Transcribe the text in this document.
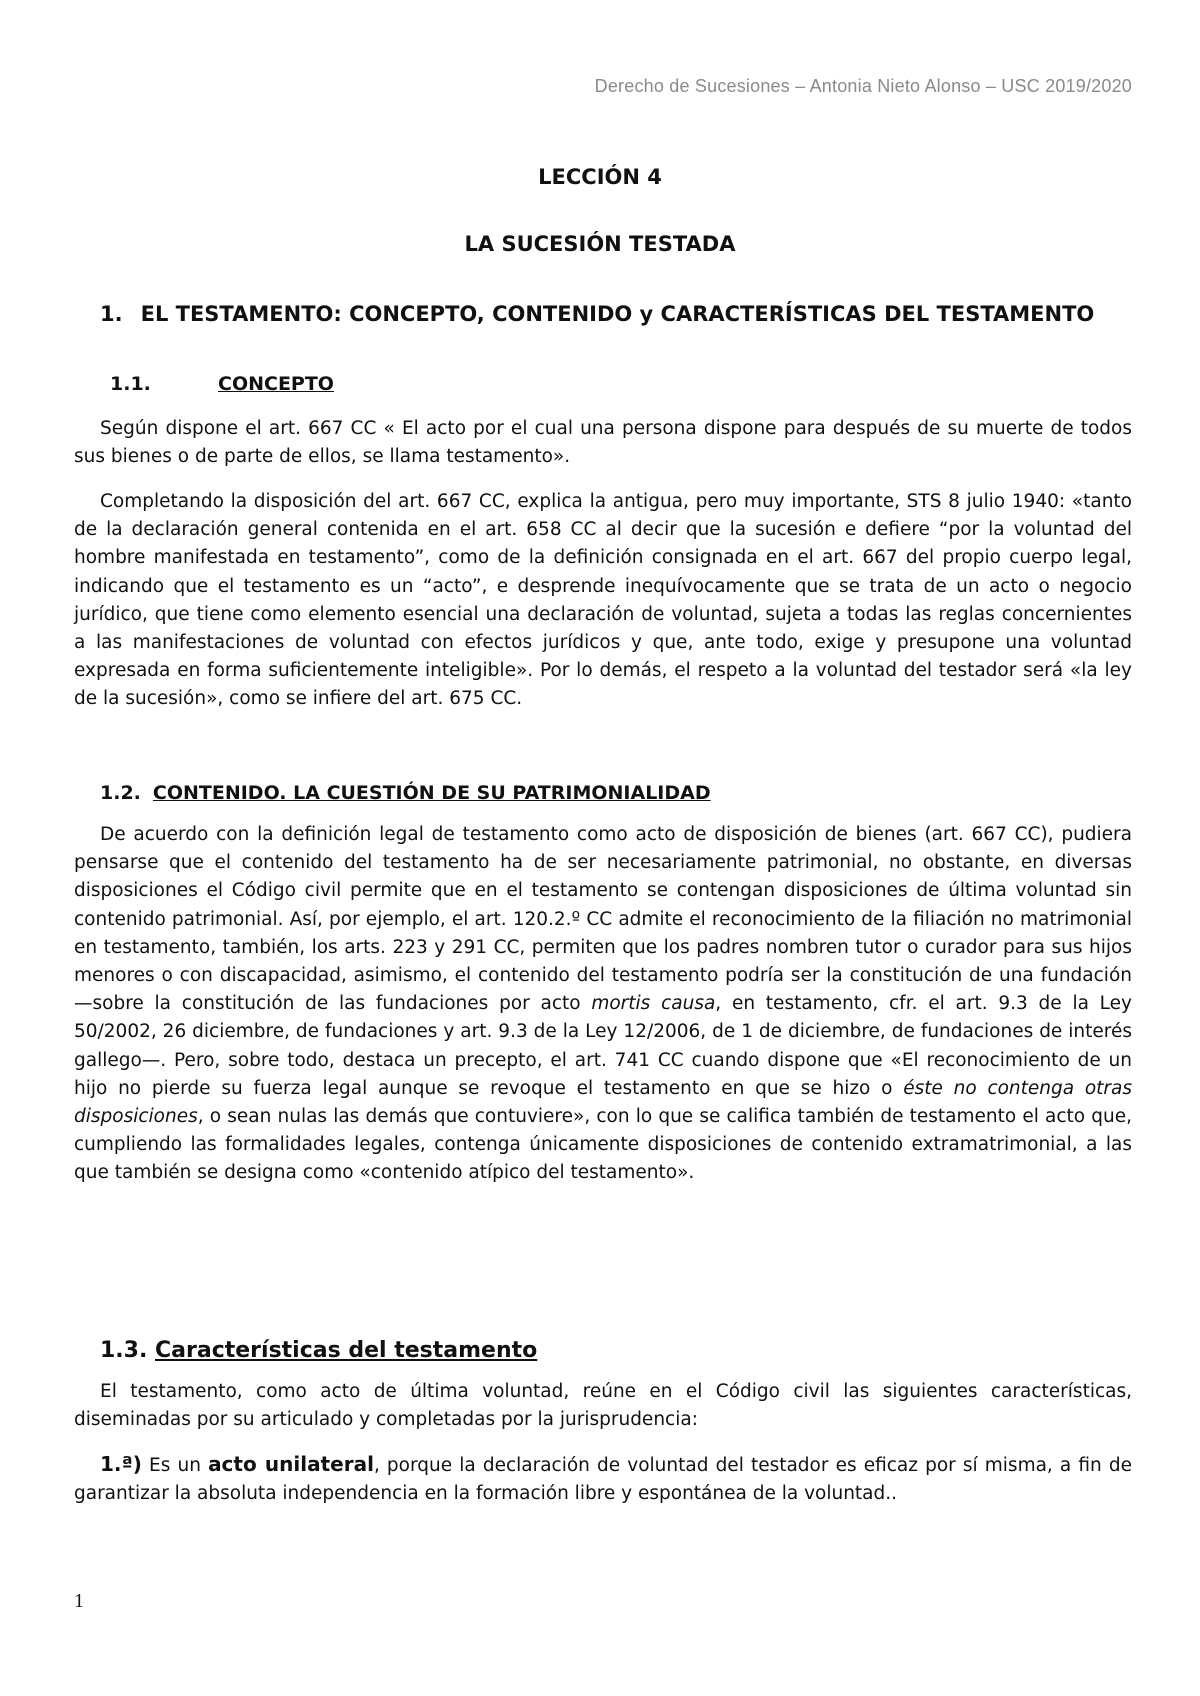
Derecho de Sucesiones – Antonia Nieto Alonso – USC 2019/2020
LECCIÓN 4
LA SUCESIÓN TESTADA
1. EL TESTAMENTO: CONCEPTO, CONTENIDO y CARACTERÍSTICAS DEL TESTAMENTO
1.1.	CONCEPTO

Según dispone el art. 667 CC « El acto por el cual una persona dispone para después de su muerte de todos sus bienes o de parte de ellos, se llama testamento».

Completando la disposición del art. 667 CC, explica la antigua, pero muy importante, STS 8 julio 1940: «tanto de la declaración general contenida en el art. 658 CC al decir que la sucesión e defiere “por la voluntad del hombre manifestada en testamento”, como de la definición consignada en el art. 667 del propio cuerpo legal, indicando que el testamento es un “acto”, e desprende inequívocamente que se trata de un acto o negocio jurídico, que tiene como elemento esencial una declaración de voluntad, sujeta a todas las reglas concernientes a las manifestaciones de voluntad con efectos jurídicos y que, ante todo, exige y presupone una voluntad expresada en forma suficientemente inteligible». Por lo demás, el respeto a la voluntad del testador será «la ley de la sucesión», como se infiere del art. 675 CC.

1.2. CONTENIDO. LA CUESTIÓN DE SU PATRIMONIALIDAD

De acuerdo con la definición legal de testamento como acto de disposición de bienes (art. 667 CC), pudiera pensarse que el contenido del testamento ha de ser necesariamente patrimonial, no obstante, en diversas disposiciones el Código civil permite que en el testamento se contengan disposiciones de última voluntad sin contenido patrimonial. Así, por ejemplo, el art. 120.2.º CC admite el reconocimiento de la filiación no matrimonial en testamento, también, los arts. 223 y 291 CC, permiten que los padres nombren tutor o curador para sus hijos menores o con discapacidad, asimismo, el contenido del testamento podría ser la constitución de una fundación —sobre la constitución de las fundaciones por acto mortis causa, en testamento, cfr. el art. 9.3 de la Ley 50/2002, 26 diciembre, de fundaciones y art. 9.3 de la Ley 12/2006, de 1 de diciembre, de fundaciones de interés gallego—. Pero, sobre todo, destaca un precepto, el art. 741 CC cuando dispone que «El reconocimiento de un hijo no pierde su fuerza legal aunque se revoque el testamento en que se hizo o éste no contenga otras disposiciones, o sean nulas las demás que contuviere», con lo que se califica también de testamento el acto que, cumpliendo las formalidades legales, contenga únicamente disposiciones de contenido extramatrimonial, a las que también se designa como «contenido atípico del testamento».

1.3. Características del testamento

El testamento, como acto de última voluntad, reúne en el Código civil las siguientes características, diseminadas por su articulado y completadas por la jurisprudencia:

1.ª) Es un acto unilateral, porque la declaración de voluntad del testador es eficaz por sí misma, a fin de garantizar la absoluta independencia en la formación libre y espontánea de la voluntad..

1
